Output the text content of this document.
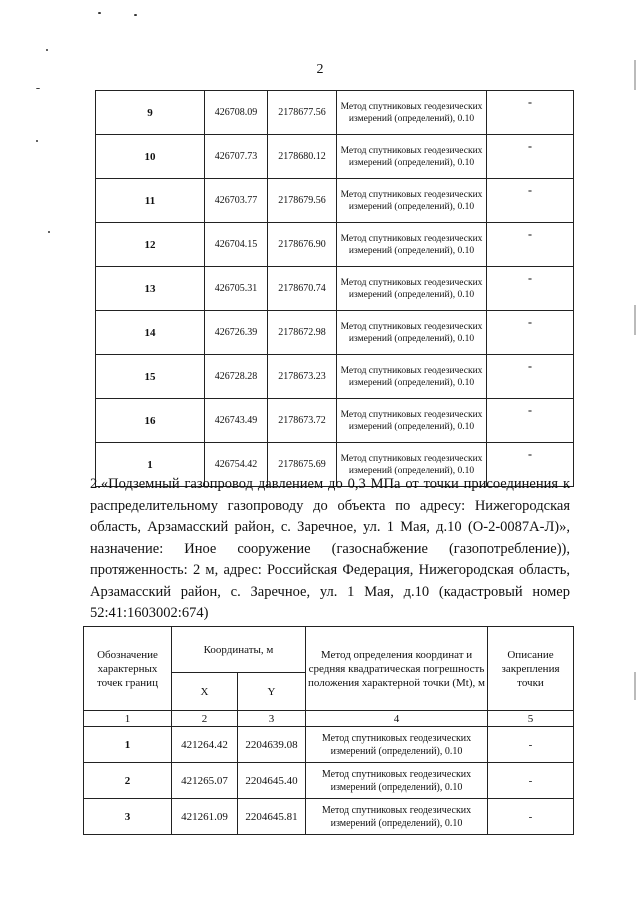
2
9	426708.09	2178677.56	Метод спутниковых геодезических измерений (определений), 0.10	-
10	426707.73	2178680.12	Метод спутниковых геодезических измерений (определений), 0.10	-
11	426703.77	2178679.56	Метод спутниковых геодезических измерений (определений), 0.10	-
12	426704.15	2178676.90	Метод спутниковых геодезических измерений (определений), 0.10	-
13	426705.31	2178670.74	Метод спутниковых геодезических измерений (определений), 0.10	-
14	426726.39	2178672.98	Метод спутниковых геодезических измерений (определений), 0.10	-
15	426728.28	2178673.23	Метод спутниковых геодезических измерений (определений), 0.10	-
16	426743.49	2178673.72	Метод спутниковых геодезических измерений (определений), 0.10	-
1	426754.42	2178675.69	Метод спутниковых геодезических измерений (определений), 0.10	-
2.«Подземный газопровод давлением до 0,3 МПа от точки присоединения к распределительному газопроводу до объекта по адресу: Нижегородская область, Арзамасский район, с. Заречное, ул. 1 Мая, д.10 (О-2-0087А-Л)», назначение: Иное сооружение (газоснабжение (газопотребление)), протяженность: 2 м, адрес: Российская Федерация, Нижегородская область, Арзамасский район, с. Заречное, ул. 1 Мая, д.10 (кадастровый номер 52:41:1603002:674)
Обозначение характерных точек границ	Координаты, м		Метод определения координат и средняя квадратическая погрешность положения характерной точки (Mt), м	Описание закрепления точки
	X	Y		
1	2	3	4	5
1	421264.42	2204639.08	Метод спутниковых геодезических измерений (определений), 0.10	-
2	421265.07	2204645.40	Метод спутниковых геодезических измерений (определений), 0.10	-
3	421261.09	2204645.81	Метод спутниковых геодезических измерений (определений), 0.10	-
